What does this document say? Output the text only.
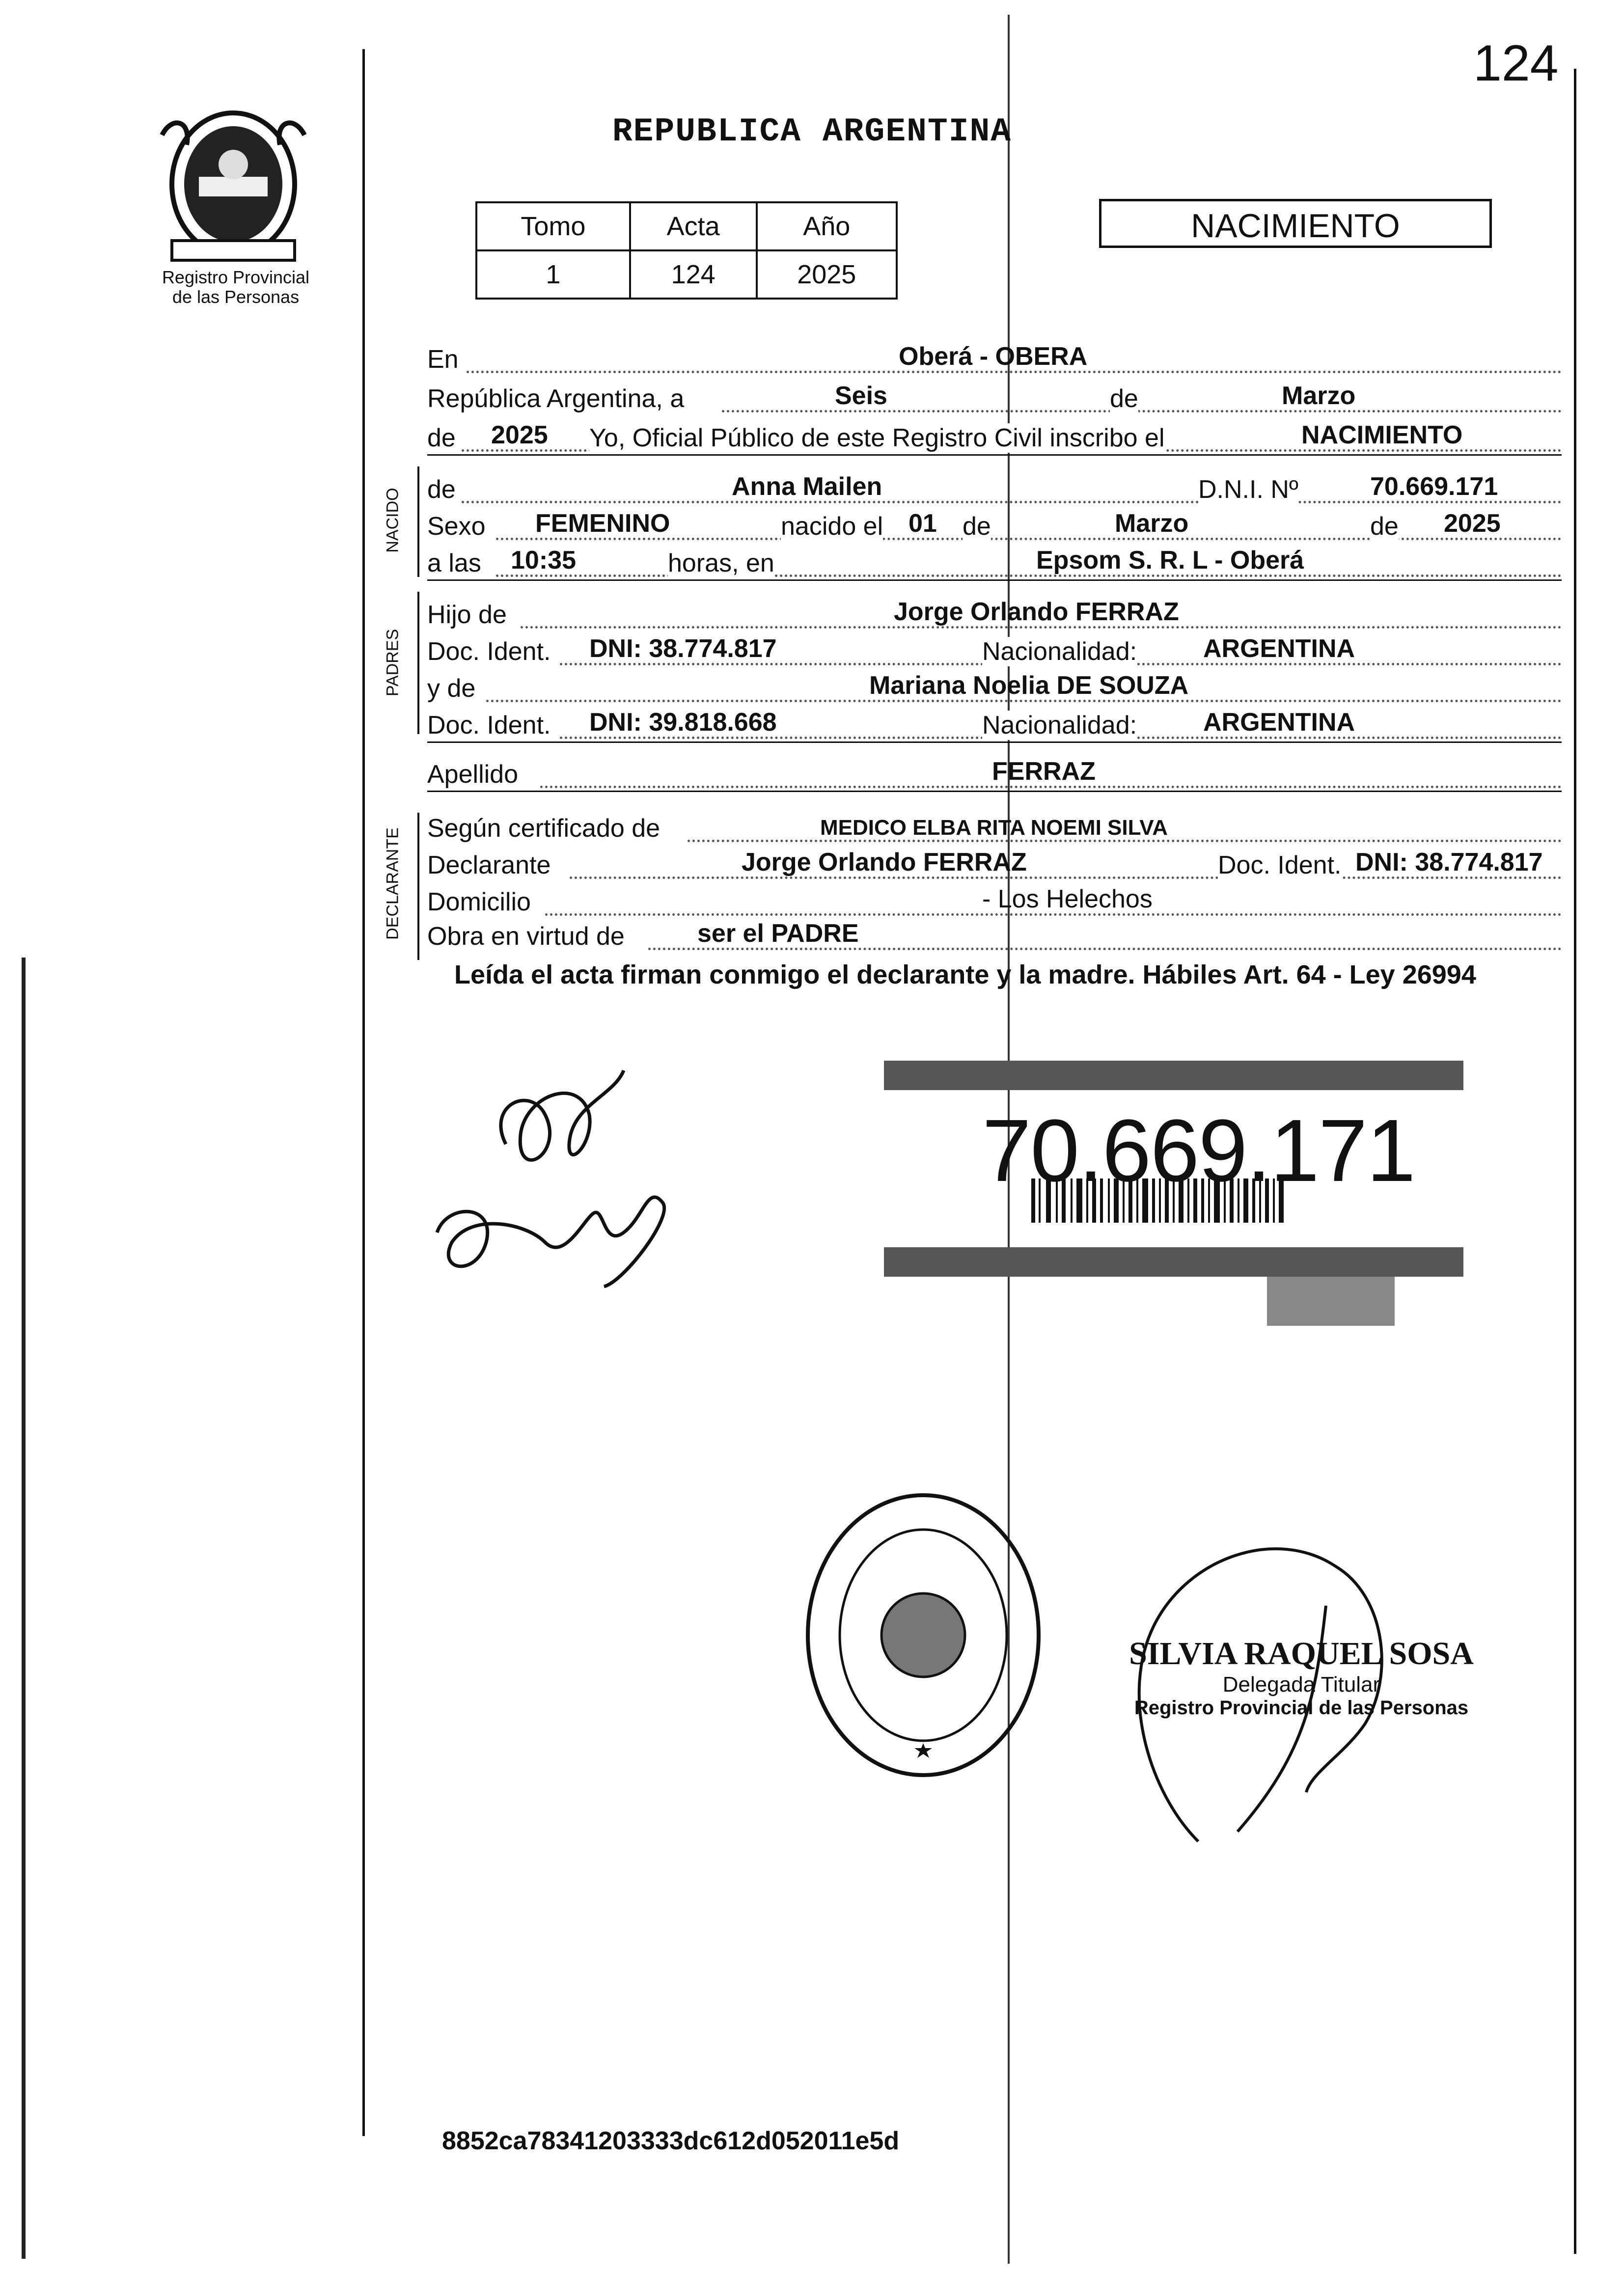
124
REPUBLICA ARGENTINA
Registro Provincial
de las Personas
Tomo	Acta	Año
1	124	2025
NACIMIENTO
En	Oberá - OBERA
República Argentina, a	Seis	de	Marzo
de 2025 Yo, Oficial Público de este Registro Civil inscribo el	NACIMIENTO
NACIDO de	Anna Mailen	D.N.I. Nº	70.669.171
Sexo FEMENINO	nacido el 01 de	Marzo	de 2025
a las 10:35	horas, en	Epsom S. R. L - Oberá
PADRES
Hijo de	Jorge Orlando FERRAZ
Doc. Ident. DNI: 38.774.817	Nacionalidad:	ARGENTINA
y de	Mariana Noelia DE SOUZA
Doc. Ident. DNI: 39.818.668	Nacionalidad:	ARGENTINA
Apellido	FERRAZ
DECLARANTE Según certificado de	MEDICO ELBA RITA NOEMI SILVA
Declarante	Jorge Orlando FERRAZ	Doc. Ident. DNI: 38.774.817
Domicilio	- Los Helechos
Obra en virtud de	ser el PADRE
Leída el acta firman conmigo el declarante y la madre. Hábiles Art. 64 - Ley 26994
70.669.171
SILVIA RAQUEL SOSA
Delegada Titular
Registro Provincial de las Personas
8852ca78341203333dc612d052011e5d
